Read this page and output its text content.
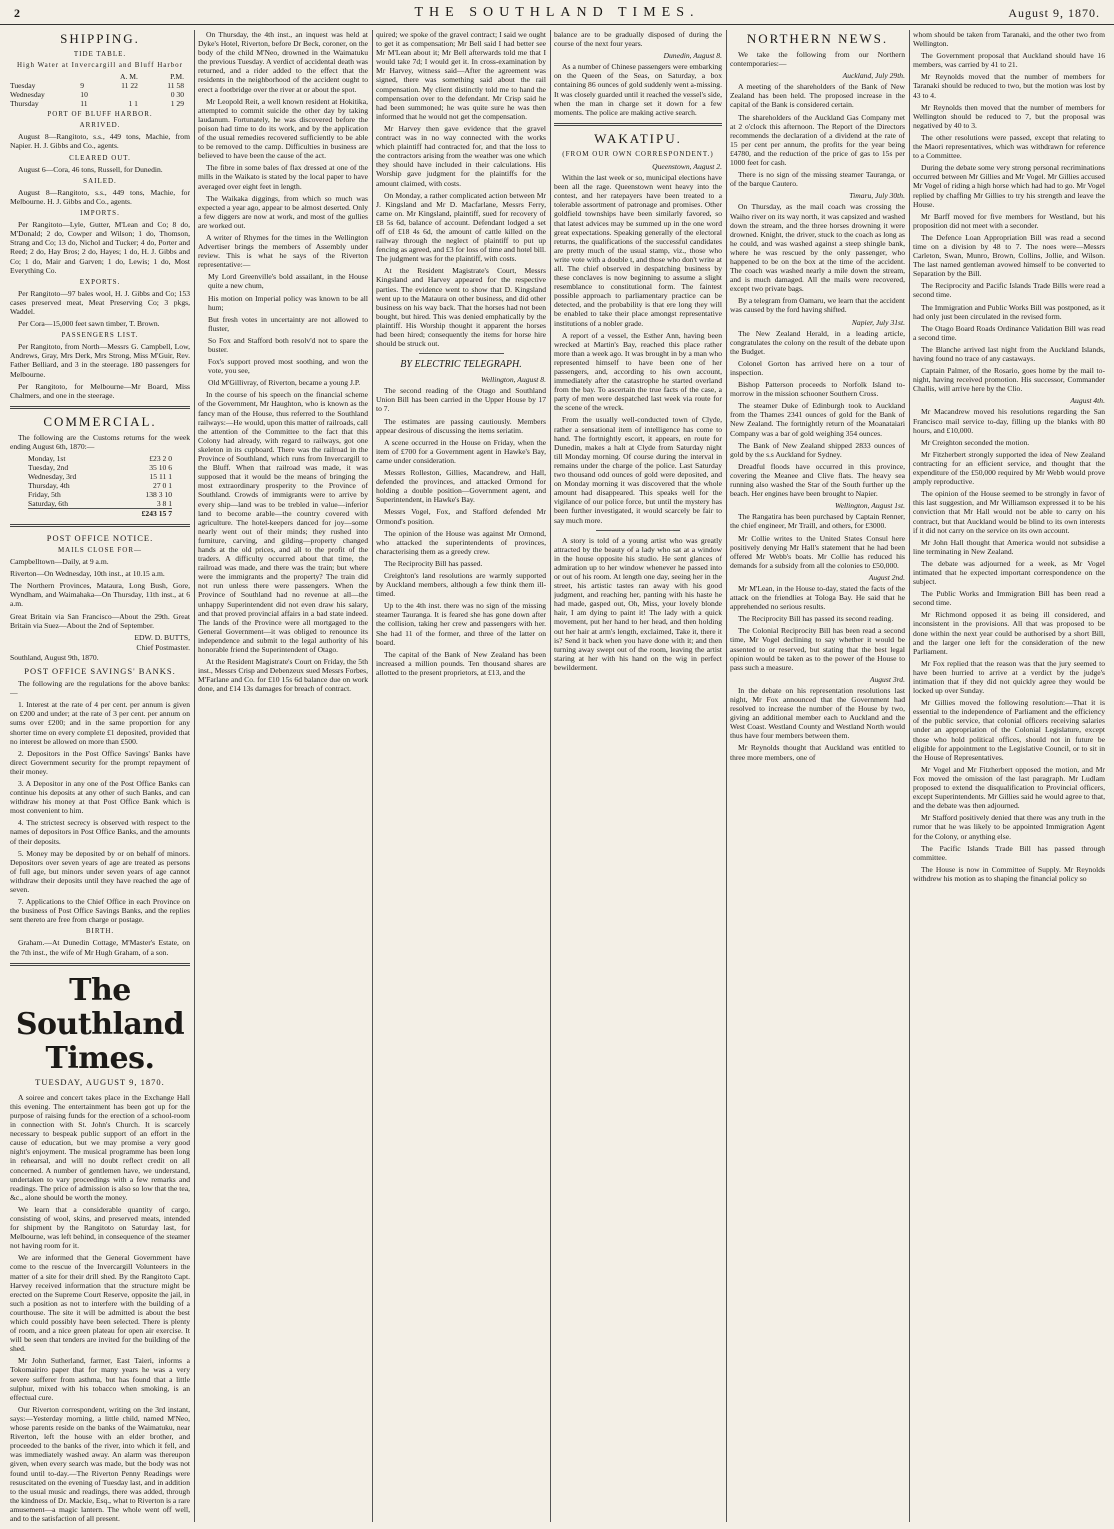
2	THE SOUTHLAND TIMES.	August 9, 1870.
SHIPPING.
TIDE TABLE.
High Water at Invercargill and Bluff Harbor
		A. M.	P.M.
Tuesday	9	11 22	11 58
Wednesday	10		0 30
Thursday	11	1 1	1 29
PORT OF BLUFF HARBOR.
ARRIVED.

August 8—Rangitoto, s.s., 449 tons, Machie, from Napier. H. J. Gibbs and Co., agents.

CLEARED OUT.

August 6—Cora, 46 tons, Russell, for Dunedin.

SAILED.

August 8—Rangitoto, s.s., 449 tons, Machie, for Melbourne. H. J. Gibbs and Co., agents.

IMPORTS.

Per Rangitoto—Lyle, Gutter, M'Lean and Co; 8 do, M'Donald; 2 do, Cowper and Wilson; 1 do, Thomson, Strang and Co; 13 do, Nichol and Tucker; 4 do, Porter and Reed; 2 do, Hay Bros; 2 do, Hayes; 1 do, H. J. Gibbs and Co; 1 do, Mair and Garven; 1 do, Lewis; 1 do, Most Everything Co.

EXPORTS.

Per Rangitoto—97 bales wool, H. J. Gibbs and Co; 153 cases preserved meat, Meat Preserving Co; 3 pkgs, Waddel.

Per Cora—15,000 feet sawn timber, T. Brown.

PASSENGERS LIST.

Per Rangitoto, from North—Messrs G. Campbell, Low, Andrews, Gray, Mrs Derk, Mrs Strong, Miss M'Guir, Rev. Father Belliard, and 3 in the steerage. 180 passengers for Melbourne.

Per Rangitoto, for Melbourne—Mr Board, Miss Chalmers, and one in the steerage.

COMMERCIAL.

The following are the Customs returns for the week ending August 6th, 1870:—

Monday, 1st	£23 2 0
Tuesday, 2nd	35 10 6
Wednesday, 3rd	15 11 1
Thursday, 4th	27 0 1
Friday, 5th	138 3 10
Saturday, 6th	3 8 1
	£243 15 7
POST OFFICE NOTICE.
MAILS CLOSE FOR—

Campbelltown—Daily, at 9 a.m.

Riverton—On Wednesday, 10th inst., at 10.15 a.m.

The Northern Provinces, Mataura, Long Bush, Gore, Wyndham, and Waimahaka—On Thursday, 11th inst., at 6 a.m.

Great Britain via San Francisco—About the 29th. Great Britain via Suez—About the 2nd of September.

EDW. D. BUTTS,
Chief Postmaster.

Southland, August 9th, 1870.

POST OFFICE SAVINGS' BANKS.

The following are the regulations for the above banks:—

1. Interest at the rate of 4 per cent. per annum is given on £200 and under; at the rate of 3 per cent. per annum on sums over £200; and in the same proportion for any shorter time on every complete £1 deposited, provided that no interest be allowed on more than £500.

2. Depositors in the Post Office Savings' Banks have direct Government security for the prompt repayment of their money.

3. A Depositor in any one of the Post Office Banks can continue his deposits at any other of such Banks, and can withdraw his money at that Post Office Bank which is most convenient to him.

4. The strictest secrecy is observed with respect to the names of depositors in Post Office Banks, and the amounts of their deposits.

5. Money may be deposited by or on behalf of minors. Depositors over seven years of age are treated as persons of full age, but minors under seven years of age cannot withdraw their deposits until they have reached the age of seven.

7. Applications to the Chief Office in each Province on the business of Post Office Savings Banks, and the replies sent thereto are free from charge or postage.

BIRTH.

Graham.—At Dunedin Cottage, M'Master's Estate, on the 7th inst., the wife of Mr Hugh Graham, of a son.

The Southland Times.
TUESDAY, AUGUST 9, 1870.

A soiree and concert takes place in the Exchange Hall this evening. The entertainment has been got up for the purpose of raising funds for the erection of a school-room in connection with St. John's Church. It is scarcely necessary to bespeak public support of an effort in the cause of education, but we may promise a very good night's enjoyment. The musical programme has been long in rehearsal, and will no doubt reflect credit on all concerned. A number of gentlemen have, we understand, undertaken to vary proceedings with a few remarks and readings. The price of admission is also so low that the tea, &c., alone should be worth the money.

We learn that a considerable quantity of cargo, consisting of wool, skins, and preserved meats, intended for shipment by the Rangitoto on Saturday last, for Melbourne, was left behind, in consequence of the steamer not having room for it.

We are informed that the General Government have come to the rescue of the Invercargill Volunteers in the matter of a site for their drill shed. By the Rangitoto Capt. Harvey received information that the structure might be erected on the Supreme Court Reserve, opposite the jail, in such a position as not to interfere with the building of a courthouse. The site it will be admitted is about the best which could possibly have been selected. There is plenty of room, and a nice green plateau for open air exercise. It will be seen that tenders are invited for the building of the shed.

Mr John Sutherland, farmer, East Taieri, informs a Tokomairiro paper that for many years he was a very severe sufferer from asthma, but has found that a little sulphur, mixed with his tobacco when smoking, is an effectual cure.

Our Riverton correspondent, writing on the 3rd instant, says:—Yesterday morning, a little child, named M'Neo, whose parents reside on the banks of the Waimatuku, near Riverton, left the house with an elder brother, and proceeded to the banks of the river, into which it fell, and was immediately washed away. An alarm was thereupon given, when every search was made, but the body was not found until to-day.—The Riverton Penny Readings were resuscitated on the evening of Tuesday last, and in addition to the usual music and readings, there was added, through the kindness of Dr. Mackie, Esq., what to Riverton is a rare amusement—a magic lantern. The whole went off well, and to the satisfaction of all present.

On Thursday, the 4th inst., an inquest was held at Dyke's Hotel, Riverton, before Dr Beck, coroner, on the body of the child M'Neo, drowned in the Waimatuku the previous Tuesday. A verdict of accidental death was returned, and a rider added to the effect that the residents in the neighborhood of the accident ought to erect a footbridge over the river at or about the spot.

Mr Leopold Reit, a well known resident at Hokitika, attempted to commit suicide the other day by taking laudanum. Fortunately, he was discovered before the poison had time to do its work, and by the application of the usual remedies recovered sufficiently to be able to be removed to the camp. Difficulties in business are believed to have been the cause of the act.

The fibre in some bales of flax dressed at one of the mills in the Waikato is stated by the local paper to have averaged over eight feet in length.

The Waikaka diggings, from which so much was expected a year ago, appear to be almost deserted. Only a few diggers are now at work, and most of the gullies are worked out.

A writer of Rhymes for the times in the Wellington Advertiser brings the members of Assembly under review. This is what he says of the Riverton representative:—

My Lord Greenville's bold assailant, in the House quite a new chum,

His motion on Imperial policy was known to be all hum;

But fresh votes in uncertainty are not allowed to fluster,

So Fox and Stafford both resolv'd not to spare the buster.

Fox's support proved most soothing, and won the vote, you see,

Old M'Gillivray, of Riverton, became a young J.P.

In the course of his speech on the financial scheme of the Government, Mr Haughton, who is known as the fancy man of the House, thus referred to the Southland railways:—He would, upon this matter of railroads, call the attention of the Committee to the fact that this Colony had already, with regard to railways, got one skeleton in its cupboard. There was the railroad in the Province of Southland, which runs from Invercargill to the Bluff. When that railroad was made, it was supposed that it would be the means of bringing the most extraordinary prosperity to the Province of Southland. Crowds of immigrants were to arrive by every ship—land was to be trebled in value—inferior land to become arable—the country covered with agriculture. The hotel-keepers danced for joy—some nearly went out of their minds; they rushed into furniture, carving, and gilding—property changed hands at the old prices, and all to the profit of the traders. A difficulty occurred about that time, the railroad was made, and there was the train; but where were the immigrants and the property? The train did not run unless there were passengers. When the Province of Southland had no revenue at all—the unhappy Superintendent did not even draw his salary, and that proved provincial affairs in a bad state indeed. The lands of the Province were all mortgaged to the General Government—it was obliged to renounce its independence and submit to the legal authority of his honorable friend the Superintendent of Otago.

At the Resident Magistrate's Court on Friday, the 5th inst., Messrs Crisp and Debenzeux sued Messrs Forbes, M'Farlane and Co. for £10 15s 6d balance due on work done, and £14 13s damages for breach of contract.

quired; we spoke of the gravel contract; I said we ought to get it as compensation; Mr Bell said I had better see Mr M'Lean about it; Mr Bell afterwards told me that I would take 7d; I would get it. In cross-examination by Mr Harvey, witness said—After the agreement was signed, there was something said about the rail compensation. My client distinctly told me to hand the compensation over to the defendant. Mr Crisp said he had been summoned; he was quite sure he was then informed that he would not get the compensation.

Mr Harvey then gave evidence that the gravel contract was in no way connected with the works which plaintiff had contracted for, and that the loss to the contractors arising from the weather was one which they should have included in their calculations. His Worship gave judgment for the plaintiffs for the amount claimed, with costs.

On Monday, a rather complicated action between Mr J. Kingsland and Mr D. Macfarlane, Messrs Ferry, came on. Mr Kingsland, plaintiff, sued for recovery of £8 5s 6d, balance of account. Defendant lodged a set off of £18 4s 6d, the amount of cattle killed on the railway through the neglect of plaintiff to put up fencing as agreed, and £3 for loss of time and hotel bill. The judgment was for the plaintiff, with costs.

At the Resident Magistrate's Court, Messrs Kingsland and Harvey appeared for the respective parties. The evidence went to show that D. Kingsland went up to the Mataura on other business, and did other business on his way back. That the horses had not been bought, but hired. This was denied emphatically by the plaintiff. His Worship thought it apparent the horses had been hired; consequently the items for horse hire should be struck out.

BY ELECTRIC TELEGRAPH.
Wellington, August 8.

The second reading of the Otago and Southland Union Bill has been carried in the Upper House by 17 to 7.

The estimates are passing cautiously. Members appear desirous of discussing the items seriatim.

A scene occurred in the House on Friday, when the item of £700 for a Government agent in Hawke's Bay, came under consideration.

Messrs Rolleston, Gillies, Macandrew, and Hall, defended the provinces, and attacked Ormond for holding a double position—Government agent, and Superintendent, in Hawke's Bay.

Messrs Vogel, Fox, and Stafford defended Mr Ormond's position.

The opinion of the House was against Mr Ormond, who attacked the superintendents of provinces, characterising them as a greedy crew.

The Reciprocity Bill has passed.

Creighton's land resolutions are warmly supported by Auckland members, although a few think them ill-timed.

Up to the 4th inst. there was no sign of the missing steamer Tauranga. It is feared she has gone down after the collision, taking her crew and passengers with her. She had 11 of the former, and three of the latter on board.

The capital of the Bank of New Zealand has been increased a million pounds. Ten thousand shares are allotted to the present proprietors, at £13, and the

balance are to be gradually disposed of during the course of the next four years.

Dunedin, August 8.

As a number of Chinese passengers were embarking on the Queen of the Seas, on Saturday, a box containing 86 ounces of gold suddenly went a-missing. It was closely guarded until it reached the vessel's side, when the man in charge set it down for a few moments. The police are making active search.

WAKATIPU.
(FROM OUR OWN CORRESPONDENT.)
Queenstown, August 2.

Within the last week or so, municipal elections have been all the rage. Queenstown went heavy into the contest, and her ratepayers have been treated to a tolerable assortment of patronage and promises. Other goldfield townships have been similarly favored, so that latest advices may be summed up in the one word great expectations. Speaking generally of the electoral returns, the qualifications of the successful candidates are pretty much of the usual stamp, viz., those who write vote with a double t, and those who don't write at all. The chief observed in despatching business by these conclaves is now beginning to assume a slight resemblance to constitutional form. The faintest possible approach to parliamentary practice can be detected, and the probability is that ere long they will be enabled to take their place amongst representative institutions of a nobler grade.

A report of a vessel, the Esther Ann, having been wrecked at Martin's Bay, reached this place rather more than a week ago. It was brought in by a man who represented himself to have been one of her passengers, and, according to his own account, immediately after the catastrophe he started overland from the bay. To ascertain the true facts of the case, a party of men were despatched last week via route for the scene of the wreck.

From the usually well-conducted town of Clyde, rather a sensational item of intelligence has come to hand. The fortnightly escort, it appears, en route for Dunedin, makes a halt at Clyde from Saturday night till Monday morning. Of course during the interval in remains under the charge of the police. Last Saturday two thousand odd ounces of gold were deposited, and on Monday morning it was discovered that the whole amount had disappeared. This speaks well for the vigilance of our police force, but until the mystery has been further investigated, it would scarcely be fair to say much more.

A story is told of a young artist who was greatly attracted by the beauty of a lady who sat at a window in the house opposite his studio. He sent glances of admiration up to her window whenever he passed into or out of his room. At length one day, seeing her in the street, his artistic tastes ran away with his good judgment, and reaching her, panting with his haste he had made, gasped out, Oh, Miss, your lovely blonde hair, I am dying to paint it! The lady with a quick movement, put her hand to her head, and then holding out her hair at arm's length, exclaimed, Take it, there it is? Send it back when you have done with it; and then turning away swept out of the room, leaving the artist staring at her with his hand on the wig in perfect bewilderment.

NORTHERN NEWS.

We take the following from our Northern contemporaries:—

Auckland, July 29th.

A meeting of the shareholders of the Bank of New Zealand has been held. The proposed increase in the capital of the Bank is considered certain.

The shareholders of the Auckland Gas Company met at 2 o'clock this afternoon. The Report of the Directors recommends the declaration of a dividend at the rate of 15 per cent per annum, the profits for the year being £4780, and the reduction of the price of gas to 15s per 1000 feet for cash.

There is no sign of the missing steamer Tauranga, or of the barque Cautero.

Timaru, July 30th.

On Thursday, as the mail coach was crossing the Waiho river on its way north, it was capsized and washed down the stream, and the three horses drowning it were drowned. Knight, the driver, stuck to the coach as long as he could, and was washed against a steep shingle bank, where he was rescued by the only passenger, who happened to be on the box at the time of the accident. The coach was washed nearly a mile down the stream, and is much damaged. All the mails were recovered, except two private bags.

By a telegram from Oamaru, we learn that the accident was caused by the ford having shifted.

Napier, July 31st.

The New Zealand Herald, in a leading article, congratulates the colony on the result of the debate upon the Budget.

Colonel Gorton has arrived here on a tour of inspection.

Bishop Patterson proceeds to Norfolk Island to-morrow in the mission schooner Southern Cross.

The steamer Duke of Edinburgh took to Auckland from the Thames 2341 ounces of gold for the Bank of New Zealand. The fortnightly return of the Moanataiari Company was a bar of gold weighing 354 ounces.

The Bank of New Zealand shipped 2833 ounces of gold by the s.s Auckland for Sydney.

Dreadful floods have occurred in this province, covering the Meanee and Clive flats. The heavy sea running also washed the Star of the South further up the beach. Her engines have been brought to Napier.

Wellington, August 1st.

The Rangatira has been purchased by Captain Renner, the chief engineer, Mr Traill, and others, for £3000.

Mr Collie writes to the United States Consul here positively denying Mr Hall's statement that he had been offered Mr Webb's boats. Mr Collie has reduced his demands for a subsidy from all the colonies to £50,000.

August 2nd.

Mr M'Lean, in the House to-day, stated the facts of the attack on the friendlies at Tologa Bay. He said that he apprehended no serious results.

The Reciprocity Bill has passed its second reading.

The Colonial Reciprocity Bill has been read a second time, Mr Vogel declining to say whether it would be assented to or reserved, but stating that the best legal opinion would be taken as to the power of the House to pass such a measure.

August 3rd.

In the debate on his representation resolutions last night, Mr Fox announced that the Government had resolved to increase the number of the House by two, giving an additional member each to Auckland and the West Coast. Westland County and Westland North would thus have four members between them.

Mr Reynolds thought that Auckland was entitled to three more members, one of

whom should be taken from Taranaki, and the other two from Wellington.

The Government proposal that Auckland should have 16 members, was carried by 41 to 21.

Mr Reynolds moved that the number of members for Taranaki should be reduced to two, but the motion was lost by 43 to 4.

Mr Reynolds then moved that the number of members for Wellington should be reduced to 7, but the proposal was negatived by 40 to 3.

The other resolutions were passed, except that relating to the Maori representatives, which was withdrawn for reference to a Committee.

During the debate some very strong personal recriminations occurred between Mr Gillies and Mr Vogel. Mr Gillies accused Mr Vogel of riding a high horse which had had to go. Mr Vogel replied by chaffing Mr Gillies to try his strength and leave the House.

Mr Barff moved for five members for Westland, but his proposition did not meet with a seconder.

The Defence Loan Appropriation Bill was read a second time on a division by 48 to 7. The noes were—Messrs Carleton, Swan, Munro, Brown, Collins, Jollie, and Wilson. The last named gentleman avowed himself to be converted to Separation by the Bill.

The Reciprocity and Pacific Islands Trade Bills were read a second time.

The Immigration and Public Works Bill was postponed, as it had only just been circulated in the revised form.

The Otago Board Roads Ordinance Validation Bill was read a second time.

The Blanche arrived last night from the Auckland Islands, having found no trace of any castaways.

Captain Palmer, of the Rosario, goes home by the mail to-night, having received promotion. His successor, Commander Challis, will arrive here by the Clio.

August 4th.

Mr Macandrew moved his resolutions regarding the San Francisco mail service to-day, filling up the blanks with 80 hours, and £10,000.

Mr Creighton seconded the motion.

Mr Fitzherbert strongly supported the idea of New Zealand contracting for an efficient service, and thought that the expenditure of the £50,000 required by Mr Webb would prove amply reproductive.

The opinion of the House seemed to be strongly in favor of this last suggestion, and Mr Williamson expressed it to be his conviction that Mr Hall would not be able to carry on his contract, but that Auckland would be blind to its own interests if it did not carry on the service on its own account.

Mr John Hall thought that America would not subsidise a line terminating in New Zealand.

The debate was adjourned for a week, as Mr Vogel intimated that he expected important correspondence on the subject.

The Public Works and Immigration Bill has been read a second time.

Mr Richmond opposed it as being ill considered, and inconsistent in the provisions. All that was proposed to be done within the next year could be authorised by a short Bill, and the larger one left for the consideration of the new Parliament.

Mr Fox replied that the reason was that the jury seemed to have been hurried to arrive at a verdict by the judge's intimation that if they did not quickly agree they would be locked up over Sunday.

Mr Gillies moved the following resolution:—That it is essential to the independence of Parliament and the efficiency of the public service, that colonial officers receiving salaries under an appropriation of the Colonial Legislature, except those who hold political offices, should not in future be eligible for appointment to the Legislative Council, or to sit in the House of Representatives.

Mr Vogel and Mr Fitzherbert opposed the motion, and Mr Fox moved the omission of the last paragraph. Mr Ludlam proposed to extend the disqualification to Provincial officers, except Superintendents. Mr Gillies said he would agree to that, and the debate was then adjourned.

Mr Stafford positively denied that there was any truth in the rumor that he was likely to be appointed Immigration Agent for the Colony, or anything else.

The Pacific Islands Trade Bill has passed through committee.

The House is now in Committee of Supply. Mr Reynolds withdrew his motion as to shaping the financial policy so
